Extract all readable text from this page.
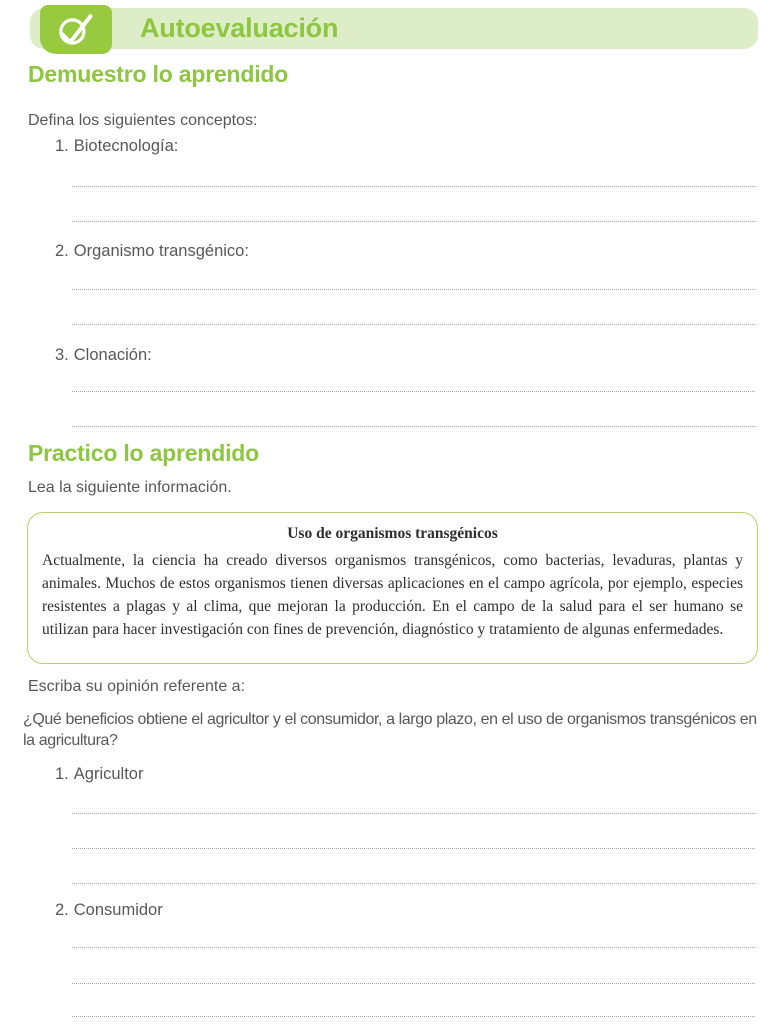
Autoevaluación
Demuestro lo aprendido
Defina los siguientes conceptos:
1. Biotecnología:
2. Organismo transgénico:
3. Clonación:
Practico lo aprendido
Lea la siguiente información.
Uso de organismos transgénicos
Actualmente, la ciencia ha creado diversos organismos transgénicos, como bacterias, levaduras, plantas y animales. Muchos de estos organismos tienen diversas aplicaciones en el campo agrícola, por ejemplo, especies resistentes a plagas y al clima, que mejoran la producción. En el campo de la salud para el ser humano se utilizan para hacer investigación con fines de prevención, diagnóstico y tratamiento de algunas enfermedades.
Escriba su opinión referente a:
¿Qué beneficios obtiene el agricultor y el consumidor, a largo plazo, en el uso de organismos transgénicos en la agricultura?
1. Agricultor
2. Consumidor
